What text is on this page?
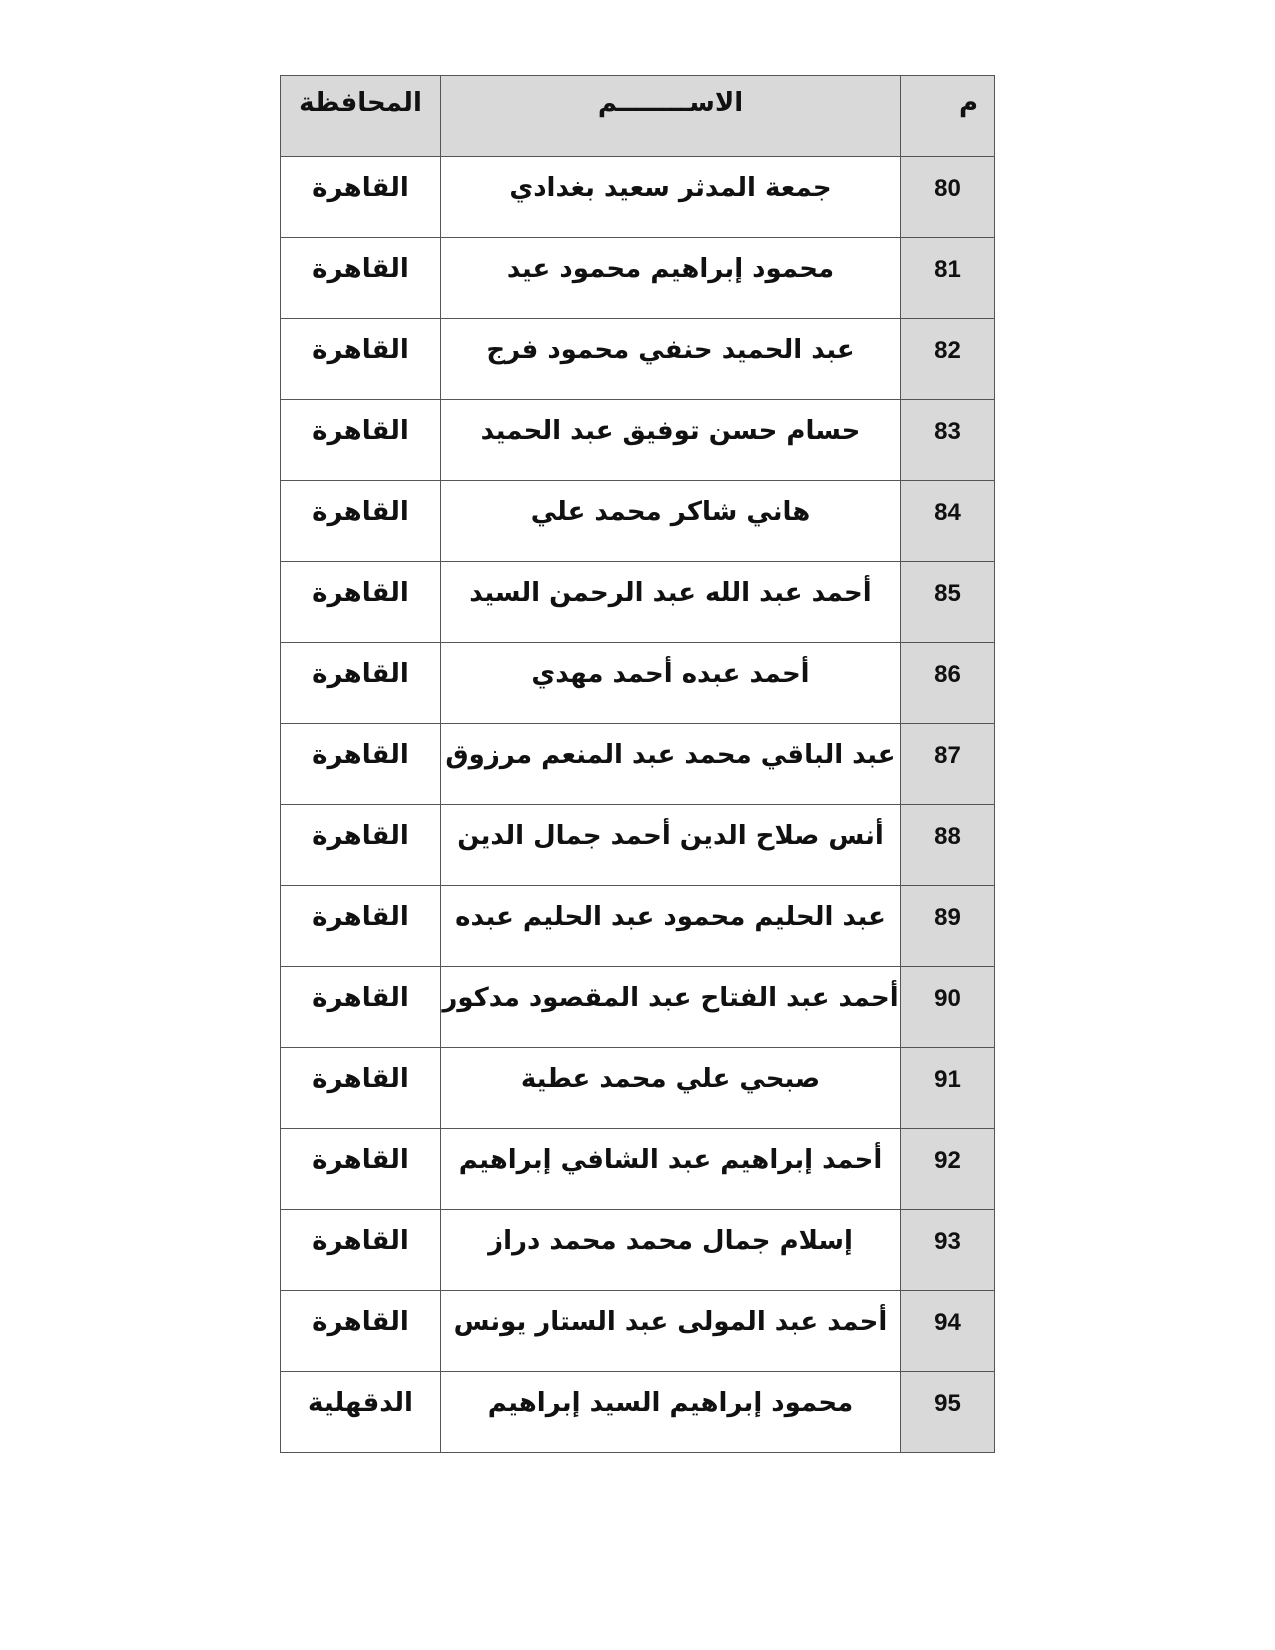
المحافظة	الاســــــــم	م
القاهرة	جمعة المدثر سعيد بغدادي	80
القاهرة	محمود إبراهيم محمود عيد	81
القاهرة	عبد الحميد حنفي محمود فرج	82
القاهرة	حسام حسن توفيق عبد الحميد	83
القاهرة	هاني شاكر محمد علي	84
القاهرة	أحمد عبد الله عبد الرحمن السيد	85
القاهرة	أحمد عبده أحمد مهدي	86
القاهرة	عبد الباقي محمد عبد المنعم مرزوق	87
القاهرة	أنس صلاح الدين أحمد جمال الدين	88
القاهرة	عبد الحليم محمود عبد الحليم عبده	89
القاهرة	أحمد عبد الفتاح عبد المقصود مدكور	90
القاهرة	صبحي علي محمد عطية	91
القاهرة	أحمد إبراهيم عبد الشافي إبراهيم	92
القاهرة	إسلام جمال محمد محمد دراز	93
القاهرة	أحمد عبد المولى عبد الستار يونس	94
الدقهلية	محمود إبراهيم السيد إبراهيم	95
